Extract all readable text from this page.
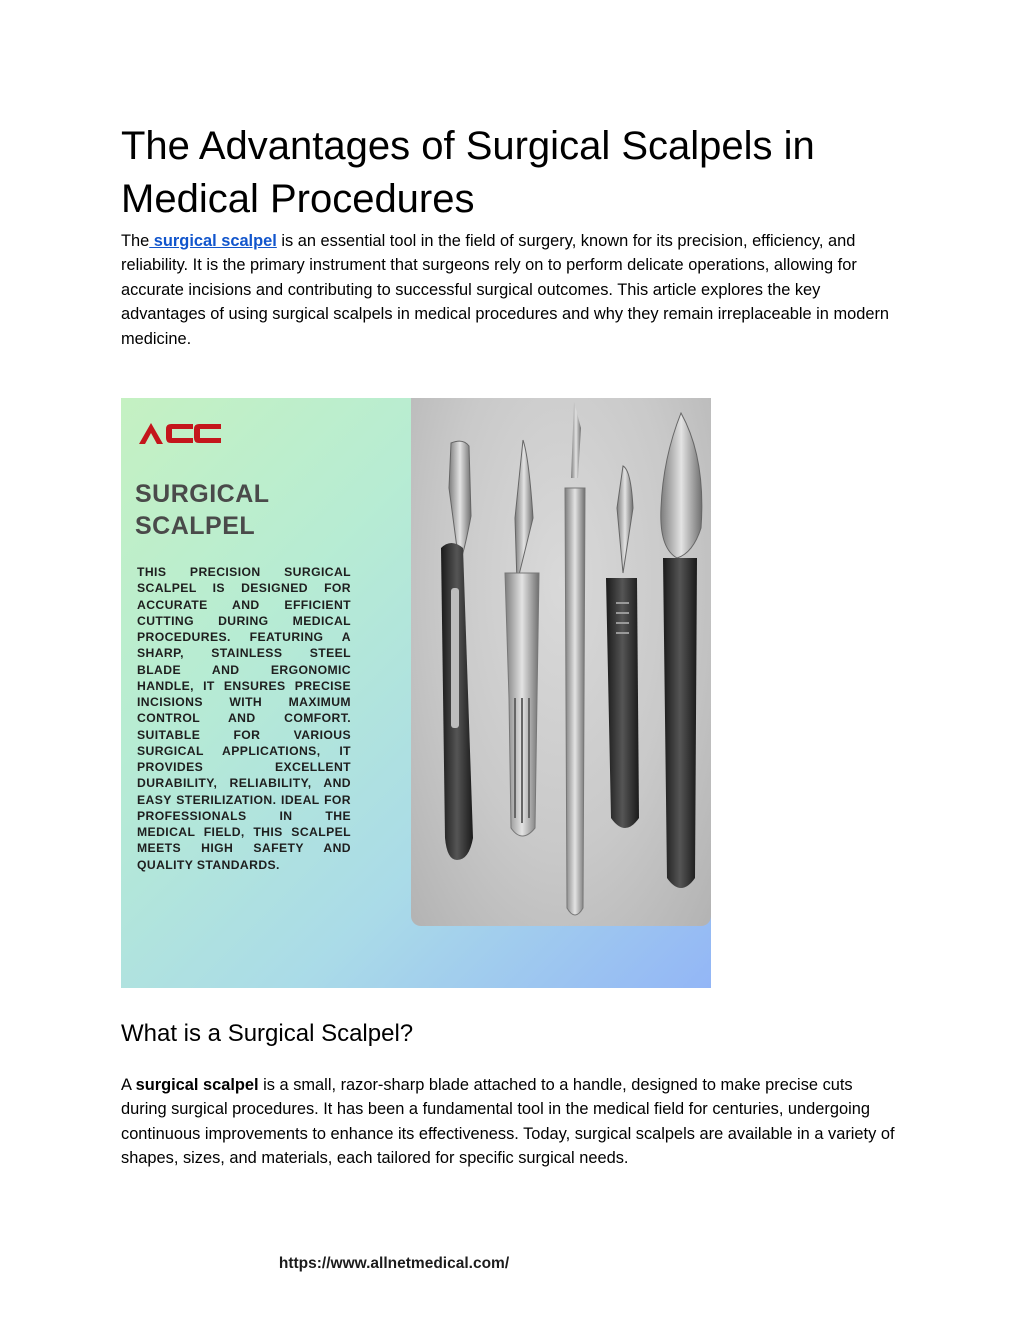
The Advantages of Surgical Scalpels in Medical Procedures

The surgical scalpel is an essential tool in the field of surgery, known for its precision, efficiency, and reliability. It is the primary instrument that surgeons rely on to perform delicate operations, allowing for accurate incisions and contributing to successful surgical outcomes. This article explores the key advantages of using surgical scalpels in medical procedures and why they remain irreplaceable in modern medicine.

SURGICAL
SCALPEL

THIS PRECISION SURGICAL SCALPEL IS DESIGNED FOR ACCURATE AND EFFICIENT CUTTING DURING MEDICAL PROCEDURES. FEATURING A SHARP, STAINLESS STEEL BLADE AND ERGONOMIC HANDLE, IT ENSURES PRECISE INCISIONS WITH MAXIMUM CONTROL AND COMFORT. SUITABLE FOR VARIOUS SURGICAL APPLICATIONS, IT PROVIDES EXCELLENT DURABILITY, RELIABILITY, AND EASY STERILIZATION. IDEAL FOR PROFESSIONALS IN THE MEDICAL FIELD, THIS SCALPEL MEETS HIGH SAFETY AND QUALITY STANDARDS.

https://www.allnetmedical.com/
What is a Surgical Scalpel?

A surgical scalpel is a small, razor-sharp blade attached to a handle, designed to make precise cuts during surgical procedures. It has been a fundamental tool in the medical field for centuries, undergoing continuous improvements to enhance its effectiveness. Today, surgical scalpels are available in a variety of shapes, sizes, and materials, each tailored for specific surgical needs.
